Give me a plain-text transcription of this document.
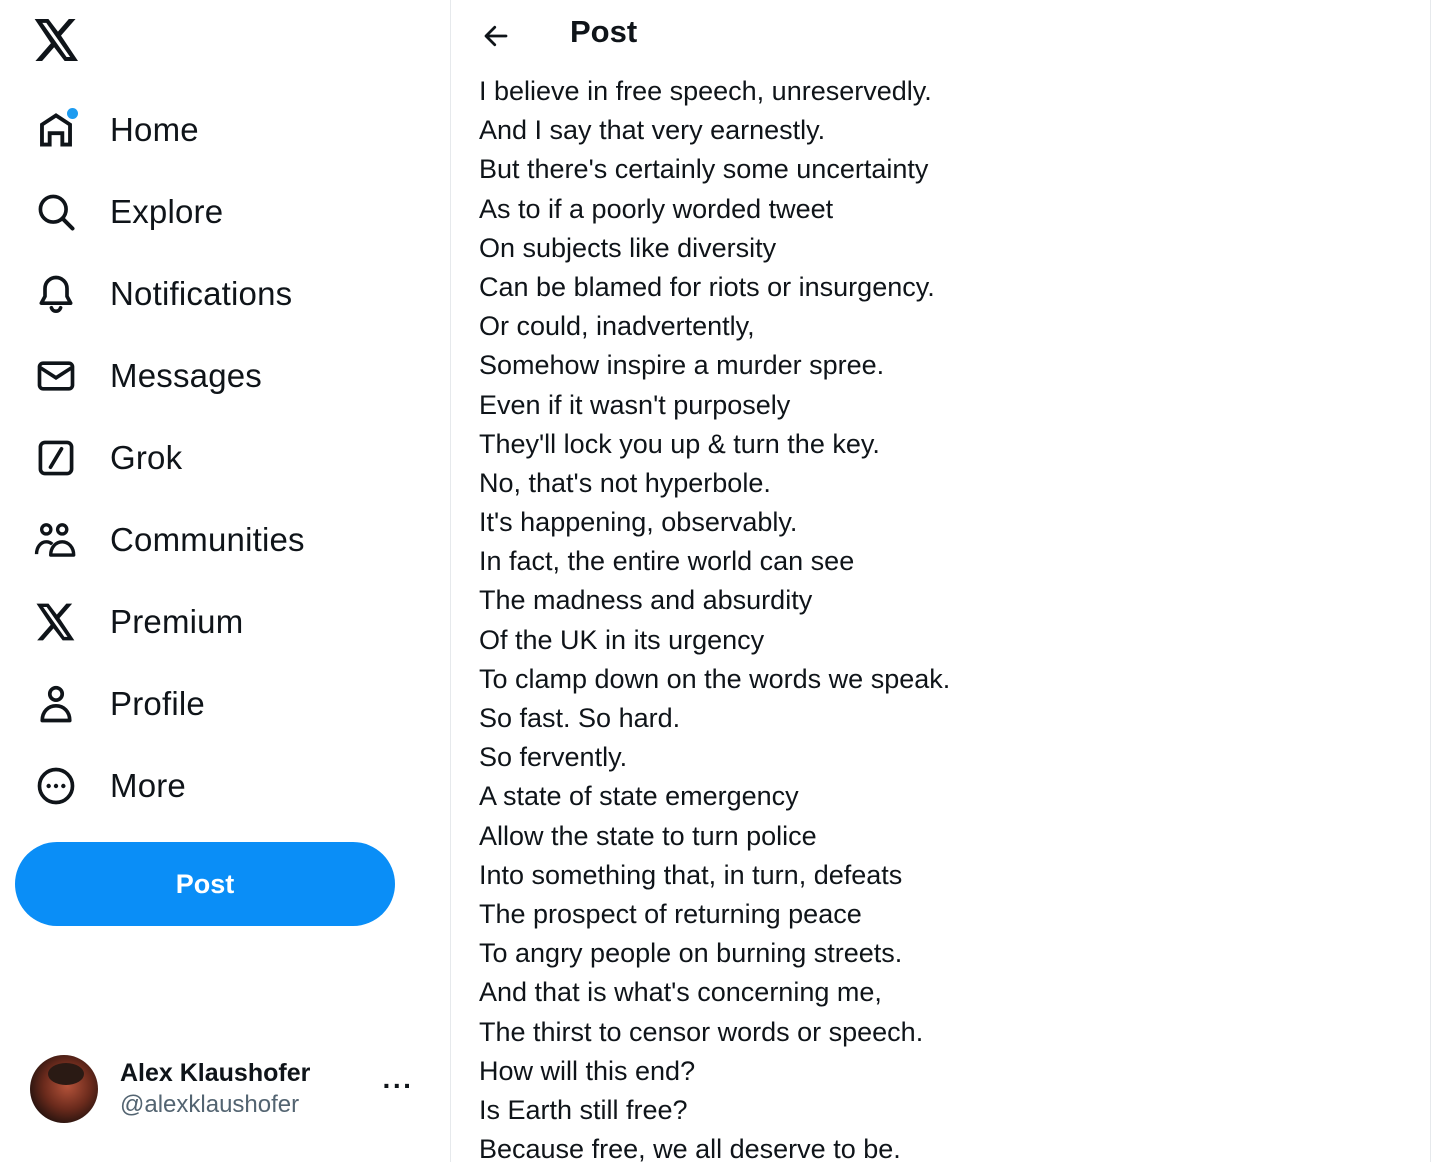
Home
Explore
Notifications
Messages
Grok
Communities
Premium
Profile
More
Post
Alex Klaushofer
@alexklaushofer
···
Post
I believe in free speech, unreservedly.
And I say that very earnestly.
But there's certainly some uncertainty
As to if a poorly worded tweet
On subjects like diversity
Can be blamed for riots or insurgency.
Or could, inadvertently,
Somehow inspire a murder spree.
Even if it wasn't purposely
They'll lock you up & turn the key.
No, that's not hyperbole.
It's happening, observably.
In fact, the entire world can see
The madness and absurdity
Of the UK in its urgency
To clamp down on the words we speak.
So fast. So hard.
So fervently.
A state of state emergency
Allow the state to turn police
Into something that, in turn, defeats
The prospect of returning peace
To angry people on burning streets.
And that is what's concerning me,
The thirst to censor words or speech.
How will this end?
Is Earth still free?
Because free, we all deserve to be.
